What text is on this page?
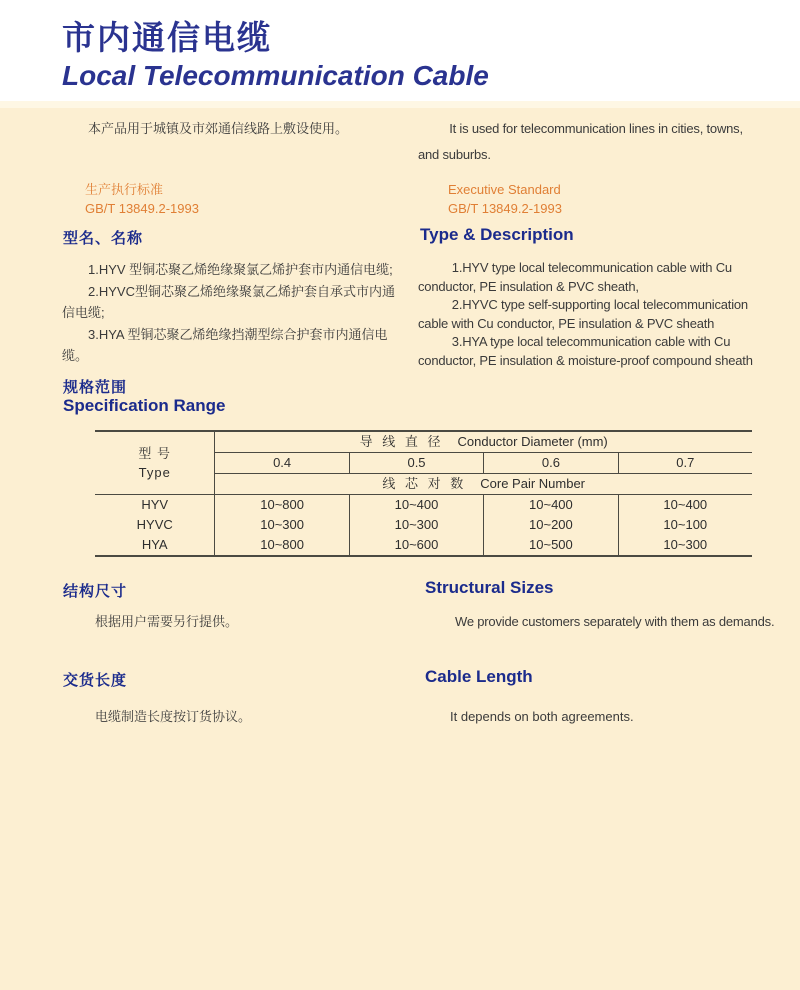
市内通信电缆
Local Telecommunication Cable

本产品用于城镇及市郊通信线路上敷设使用。	It is used for telecommunication lines in cities, towns, and suburbs.

生产执行标准
GB/T 13849.2-1993
Executive Standard
GB/T 13849.2-1993
型名、名称	Type & Description

1.HYV 型铜芯聚乙烯绝缘聚氯乙烯护套市内通信电缆;

2.HYVC型铜芯聚乙烯绝缘聚氯乙烯护套自承式市内通信电缆;

3.HYA 型铜芯聚乙烯绝缘挡潮型综合护套市内通信电缆。

1.HYV type local telecommunication cable with Cu conductor, PE insulation & PVC sheath,

2.HYVC type self-supporting local telecommunication cable with Cu conductor, PE insulation & PVC sheath

3.HYA type local telecommunication cable with Cu conductor, PE insulation & moisture-proof compound sheath

规格范围
Specification Range
型 号
Type	导 线 直 径 Conductor Diameter (mm)			
	0.4	0.5	0.6	0.7
	线 芯 对 数 Core Pair Number			
HYV	10~800	10~400	10~400	10~400
HYVC	10~300	10~300	10~200	10~100
HYA	10~800	10~600	10~500	10~300
结构尺寸	Structural Sizes

根据用户需要另行提供。	We provide customers separately with them as demands.

交货长度	Cable Length

电缆制造长度按订货协议。	It depends on both agreements.
